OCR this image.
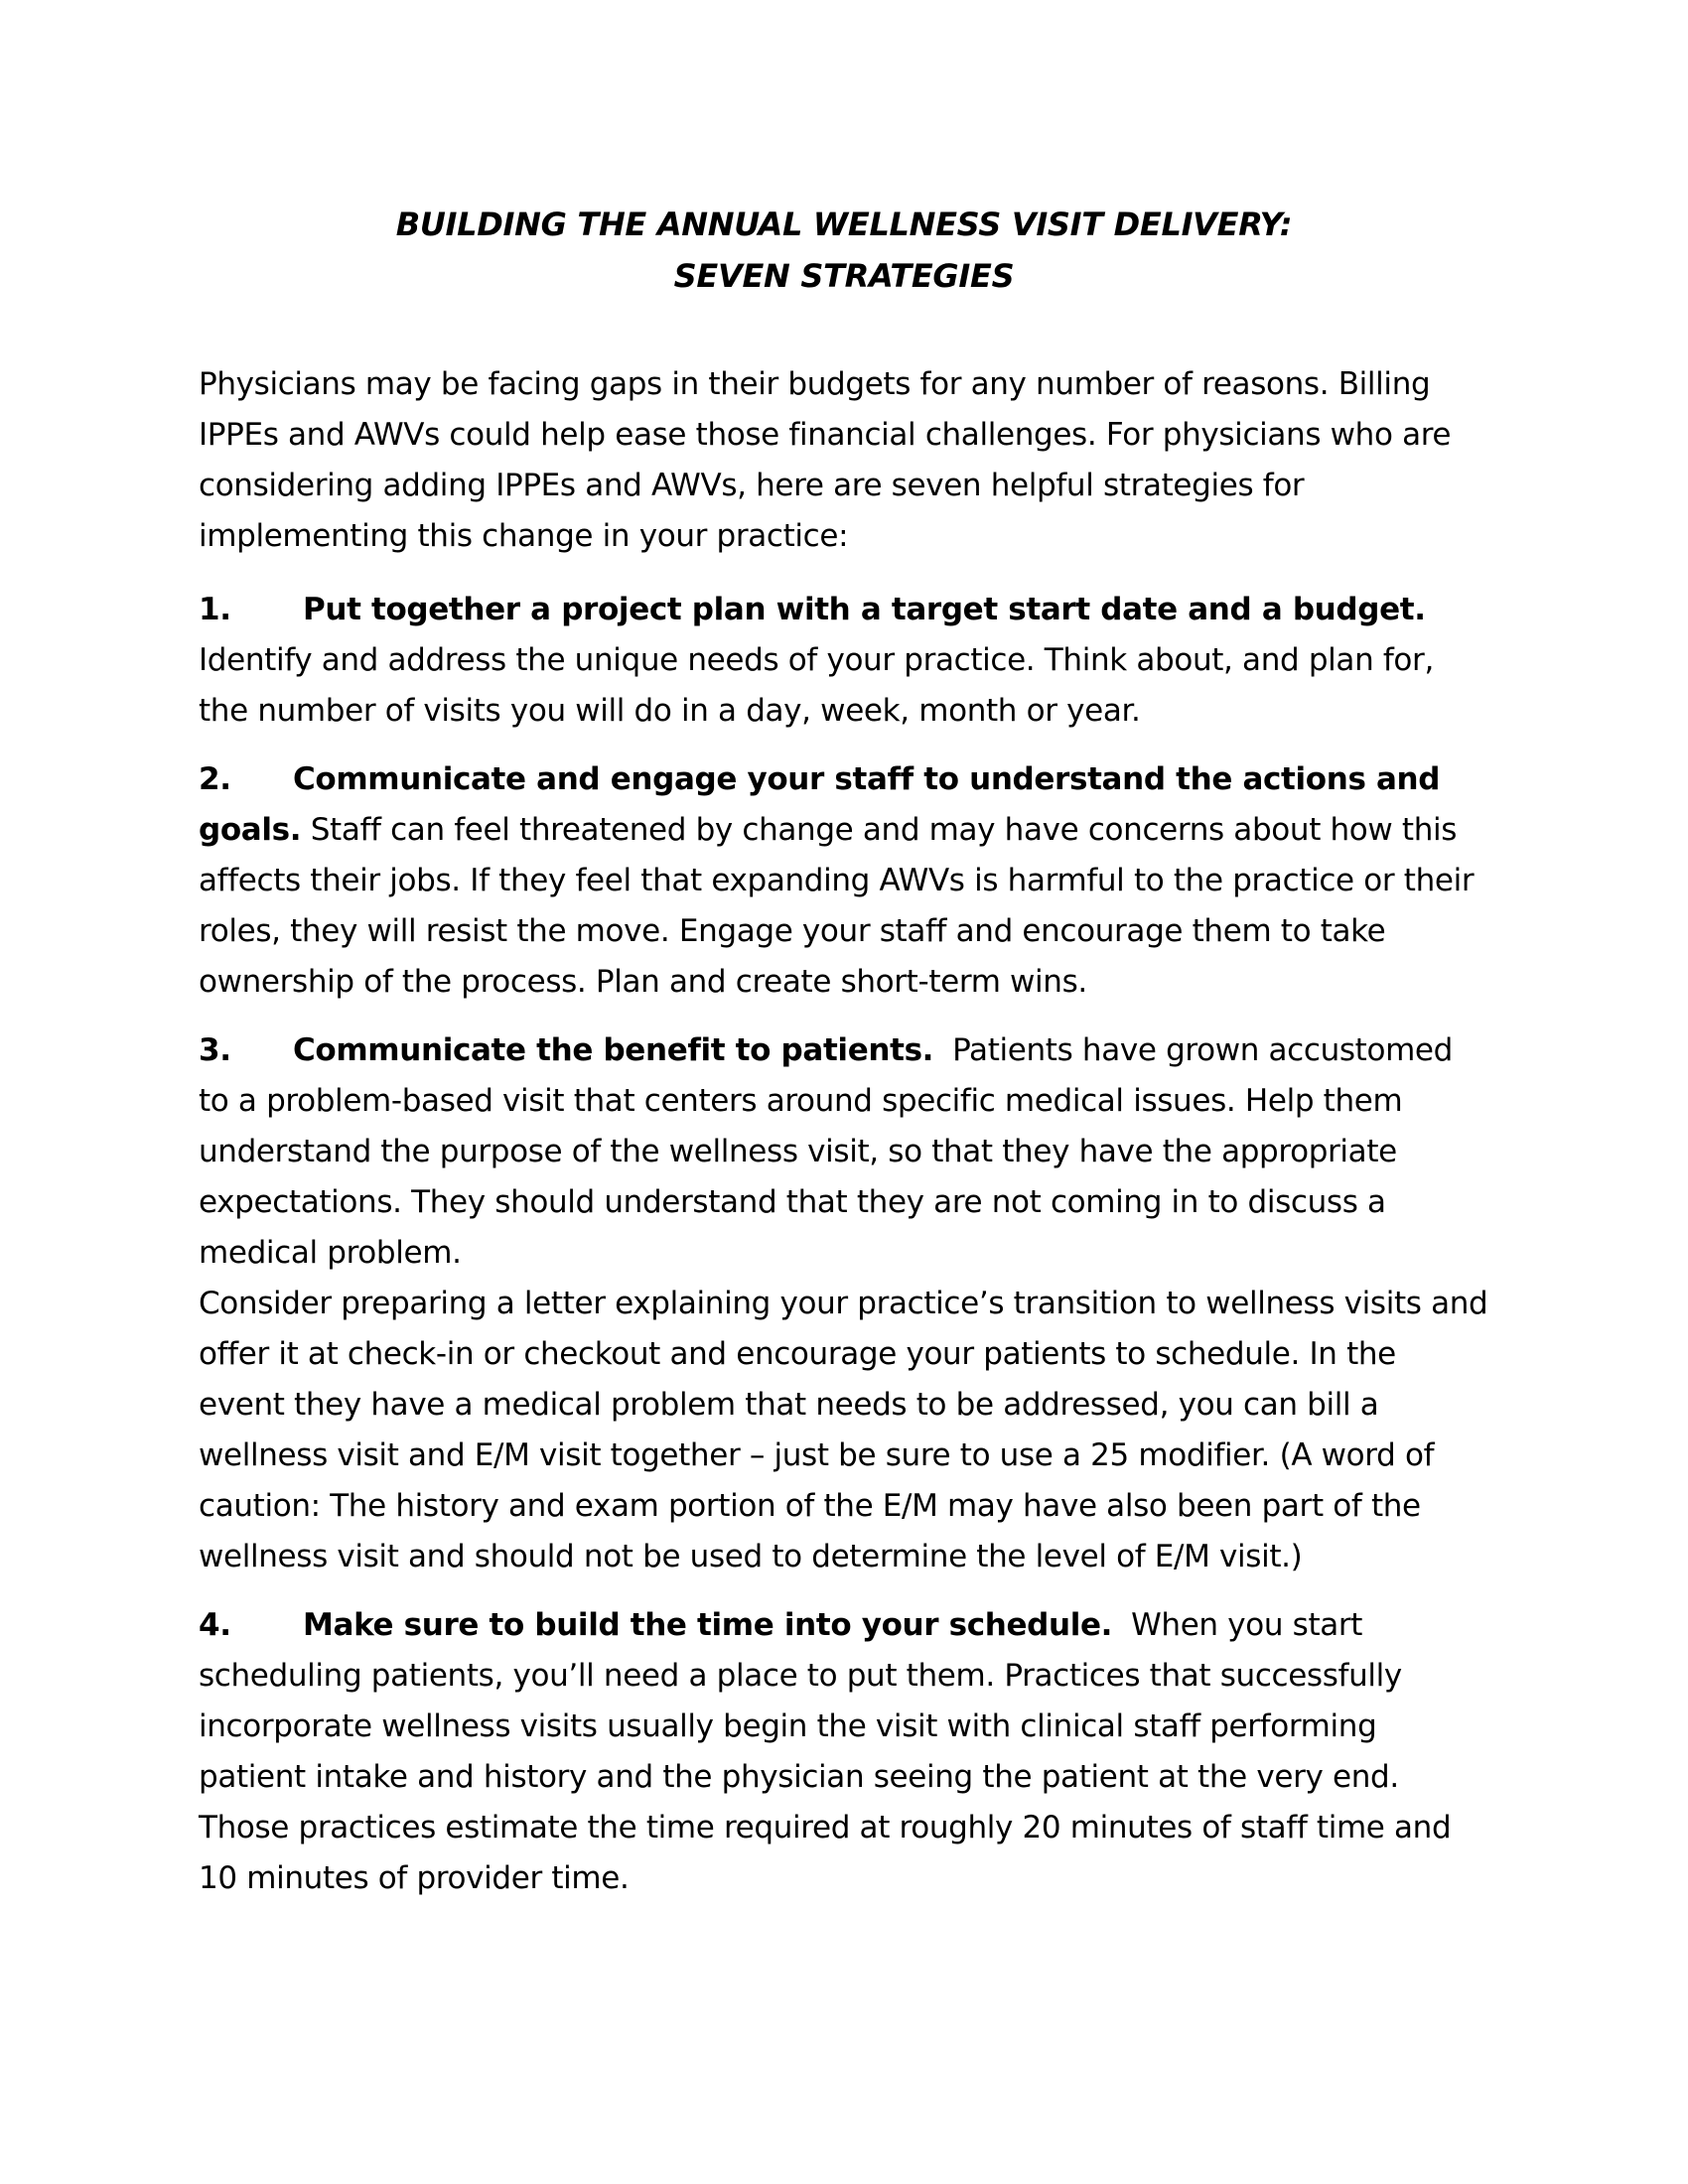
BUILDING THE ANNUAL WELLNESS VISIT DELIVERY:
SEVEN STRATEGIES

Physicians may be facing gaps in their budgets for any number of reasons. Billing IPPEs and AWVs could help ease those financial challenges. For physicians who are considering adding IPPEs and AWVs, here are seven helpful strategies for implementing this change in your practice:

1. Put together a project plan with a target start date and a budget.  Identify and address the unique needs of your practice. Think about, and plan for, the number of visits you will do in a day, week, month or year.

2. Communicate and engage your staff to understand the actions and goals. Staff can feel threatened by change and may have concerns about how this affects their jobs. If they feel that expanding AWVs is harmful to the practice or their roles, they will resist the move. Engage your staff and encourage them to take ownership of the process. Plan and create short-term wins.

3. Communicate the benefit to patients. Patients have grown accustomed to a problem-based visit that centers around specific medical issues. Help them understand the purpose of the wellness visit, so that they have the appropriate expectations. They should understand that they are not coming in to discuss a medical problem.

Consider preparing a letter explaining your practice’s transition to wellness visits and offer it at check-in or checkout and encourage your patients to schedule. In the event they have a medical problem that needs to be addressed, you can bill a wellness visit and E/M visit together – just be sure to use a 25 modifier. (A word of caution: The history and exam portion of the E/M may have also been part of the wellness visit and should not be used to determine the level of E/M visit.)

4. Make sure to build the time into your schedule. When you start scheduling patients, you’ll need a place to put them. Practices that successfully incorporate wellness visits usually begin the visit with clinical staff performing patient intake and history and the physician seeing the patient at the very end. Those practices estimate the time required at roughly 20 minutes of staff time and 10 minutes of provider time.
